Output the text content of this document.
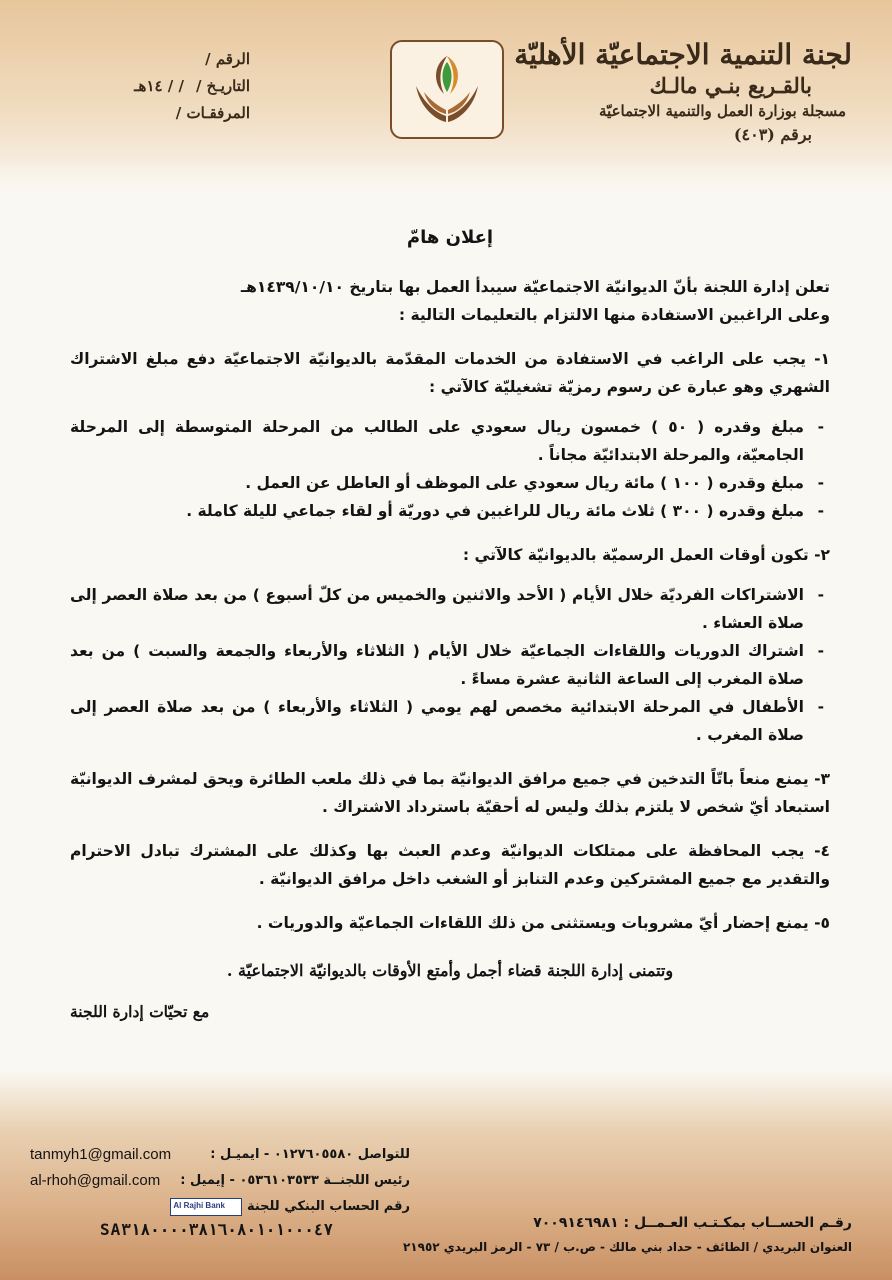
لجنة التنمية الاجتماعيّة الأهليّة
بالقـريع بنـي مالـك
مسجلة بوزارة العمل والتنمية الاجتماعيّة
برقم (٤٠٣)
الرقم /
التاريـخ // / ١٤هـ
المرفقـات /
إعلان هامّ

تعلن إدارة اللجنة بأنّ الديوانيّة الاجتماعيّة سيبدأ العمل بها بتاريخ ١٤٣٩/١٠/١٠هـ

وعلى الراغبين الاستفادة منها الالتزام بالتعليمات التالية :

١- يجب على الراغب في الاستفادة من الخدمات المقدّمة بالديوانيّة الاجتماعيّة دفع مبلغ الاشتراك الشهري وهو عبارة عن رسوم رمزيّة تشغيليّة كالآتي :

-
مبلغ وقدره ( ٥٠ ) خمسون ريال سعودي على الطالب من المرحلة المتوسطة إلى المرحلة الجامعيّة، والمرحلة الابتدائيّة مجاناً .
-
مبلغ وقدره ( ١٠٠ ) مائة ريال سعودي على الموظف أو العاطل عن العمل .
-
مبلغ وقدره ( ٣٠٠ ) ثلاث مائة ريال للراغبين في دوريّة أو لقاء جماعي لليلة كاملة .

٢- تكون أوقات العمل الرسميّة بالديوانيّة كالآتي :

-
الاشتراكات الفرديّة خلال الأيام ( الأحد والاثنين والخميس من كلّ أسبوع ) من بعد صلاة العصر إلى صلاة العشاء .
-
اشتراك الدوريات واللقاءات الجماعيّة خلال الأيام ( الثلاثاء والأربعاء والجمعة والسبت ) من بعد صلاة المغرب إلى الساعة الثانية عشرة مساءً .
-
الأطفال في المرحلة الابتدائية مخصص لهم يومي ( الثلاثاء والأربعاء ) من بعد صلاة العصر إلى صلاة المغرب .

٣- يمنع منعاً باتّاً التدخين في جميع مرافق الديوانيّة بما في ذلك ملعب الطائرة ويحق لمشرف الديوانيّة استبعاد أيّ شخص لا يلتزم بذلك وليس له أحقيّة باسترداد الاشتراك .

٤- يجب المحافظة على ممتلكات الديوانيّة وعدم العبث بها وكذلك على المشترك تبادل الاحترام والتقدير مع جميع المشتركين وعدم التنابز أو الشغب داخل مرافق الديوانيّة .

٥- يمنع إحضار أيّ مشروبات ويستثنى من ذلك اللقاءات الجماعيّة والدوريات .

وتتمنى إدارة اللجنة قضاء أجمل وأمتع الأوقات بالديوانيّة الاجتماعيّة .

مع تحيّات إدارة اللجنة

tanmyh1@gmail.com	للتواصل ٠١٢٧٦٠٥٥٨٠ - ايميـل :
al-rhoh@gmail.com رئيس اللجنــة ٠٥٣٦١٠٣٥٣٣ - إيميل :
رقم الحساب البنكي للجنة
Al Rajhi Bank
SA٣١٨٠٠٠٠٣٨١٦٠٨٠١٠١٠٠٠٤٧	رقـم الحســاب بمكـتـب العـمــل : ٧٠٠٩١٤٦٩٨١
العنوان البريدي / الطائف - حداد بني مالك - ص.ب / ٧٣ - الرمز البريدي ٢١٩٥٢
